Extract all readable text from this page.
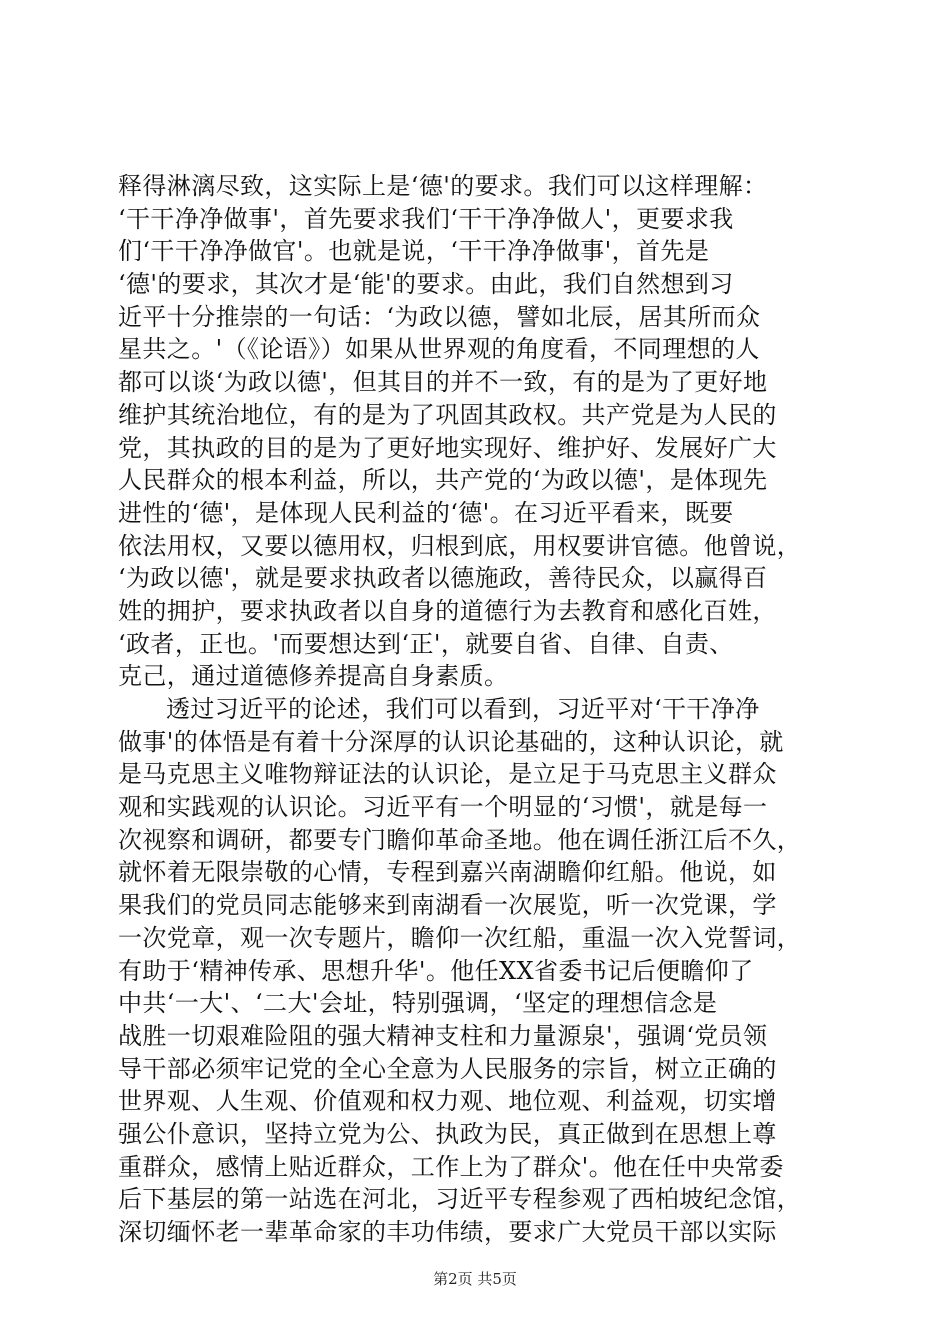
释得淋漓尽致，这实际上是‘德'的要求。我们可以这样理解：
‘干干净净做事'，首先要求我们‘干干净净做人'，更要求我
们‘干干净净做官'。也就是说，‘干干净净做事'，首先是
‘德'的要求，其次才是‘能'的要求。由此，我们自然想到习
近平十分推崇的一句话：‘为政以德，譬如北辰，居其所而众
星共之。'（《论语》）如果从世界观的角度看，不同理想的人
都可以谈‘为政以德'，但其目的并不一致，有的是为了更好地
维护其统治地位，有的是为了巩固其政权。共产党是为人民的
党，其执政的目的是为了更好地实现好、维护好、发展好广大
人民群众的根本利益，所以，共产党的‘为政以德'，是体现先
进性的‘德'，是体现人民利益的‘德'。在习近平看来，既要
依法用权，又要以德用权，归根到底，用权要讲官德。他曾说，
‘为政以德'，就是要求执政者以德施政，善待民众，以赢得百
姓的拥护，要求执政者以自身的道德行为去教育和感化百姓，
‘政者，正也。'而要想达到‘正'，就要自省、自律、自责、
克己，通过道德修养提高自身素质。
透过习近平的论述，我们可以看到，习近平对‘干干净净
做事'的体悟是有着十分深厚的认识论基础的，这种认识论，就
是马克思主义唯物辩证法的认识论，是立足于马克思主义群众
观和实践观的认识论。习近平有一个明显的‘习惯'，就是每一
次视察和调研，都要专门瞻仰革命圣地。他在调任浙江后不久，
就怀着无限崇敬的心情，专程到嘉兴南湖瞻仰红船。他说，如
果我们的党员同志能够来到南湖看一次展览，听一次党课，学
一次党章，观一次专题片，瞻仰一次红船，重温一次入党誓词，
有助于‘精神传承、思想升华'。他任XX省委书记后便瞻仰了
中共‘一大'、‘二大'会址，特别强调，‘坚定的理想信念是
战胜一切艰难险阻的强大精神支柱和力量源泉'，强调‘党员领
导干部必须牢记党的全心全意为人民服务的宗旨，树立正确的
世界观、人生观、价值观和权力观、地位观、利益观，切实增
强公仆意识，坚持立党为公、执政为民，真正做到在思想上尊
重群众，感情上贴近群众，工作上为了群众'。他在任中央常委
后下基层的第一站选在河北，习近平专程参观了西柏坡纪念馆，
深切缅怀老一辈革命家的丰功伟绩，要求广大党员干部以实际
第2页 共5页
